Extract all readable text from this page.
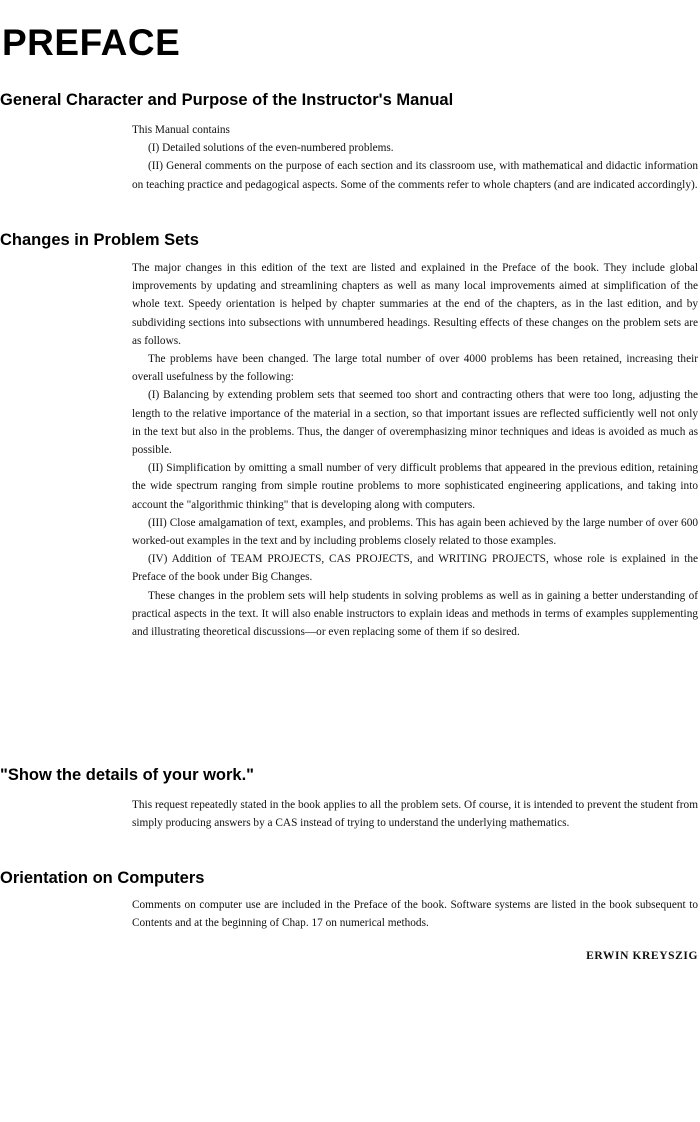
PREFACE
General Character and Purpose of the Instructor's Manual

This Manual contains

(I) Detailed solutions of the even-numbered problems.

(II) General comments on the purpose of each section and its classroom use, with mathematical and didactic information on teaching practice and pedagogical aspects. Some of the comments refer to whole chapters (and are indicated accordingly).

Changes in Problem Sets

The major changes in this edition of the text are listed and explained in the Preface of the book. They include global improvements by updating and streamlining chapters as well as many local improvements aimed at simplification of the whole text. Speedy orientation is helped by chapter summaries at the end of the chapters, as in the last edition, and by subdividing sections into subsections with unnumbered headings. Resulting effects of these changes on the problem sets are as follows.

The problems have been changed. The large total number of over 4000 problems has been retained, increasing their overall usefulness by the following:

(I) Balancing by extending problem sets that seemed too short and contracting others that were too long, adjusting the length to the relative importance of the material in a section, so that important issues are reflected sufficiently well not only in the text but also in the problems. Thus, the danger of overemphasizing minor techniques and ideas is avoided as much as possible.

(II) Simplification by omitting a small number of very difficult problems that appeared in the previous edition, retaining the wide spectrum ranging from simple routine problems to more sophisticated engineering applications, and taking into account the "algorithmic thinking" that is developing along with computers.

(III) Close amalgamation of text, examples, and problems. This has again been achieved by the large number of over 600 worked-out examples in the text and by including problems closely related to those examples.

(IV) Addition of TEAM PROJECTS, CAS PROJECTS, and WRITING PROJECTS, whose role is explained in the Preface of the book under Big Changes.

These changes in the problem sets will help students in solving problems as well as in gaining a better understanding of practical aspects in the text. It will also enable instructors to explain ideas and methods in terms of examples supplementing and illustrating theoretical discussions—or even replacing some of them if so desired.

"Show the details of your work."

This request repeatedly stated in the book applies to all the problem sets. Of course, it is intended to prevent the student from simply producing answers by a CAS instead of trying to understand the underlying mathematics.

Orientation on Computers

Comments on computer use are included in the Preface of the book. Software systems are listed in the book subsequent to Contents and at the beginning of Chap. 17 on numerical methods.

ERWIN KREYSZIG
